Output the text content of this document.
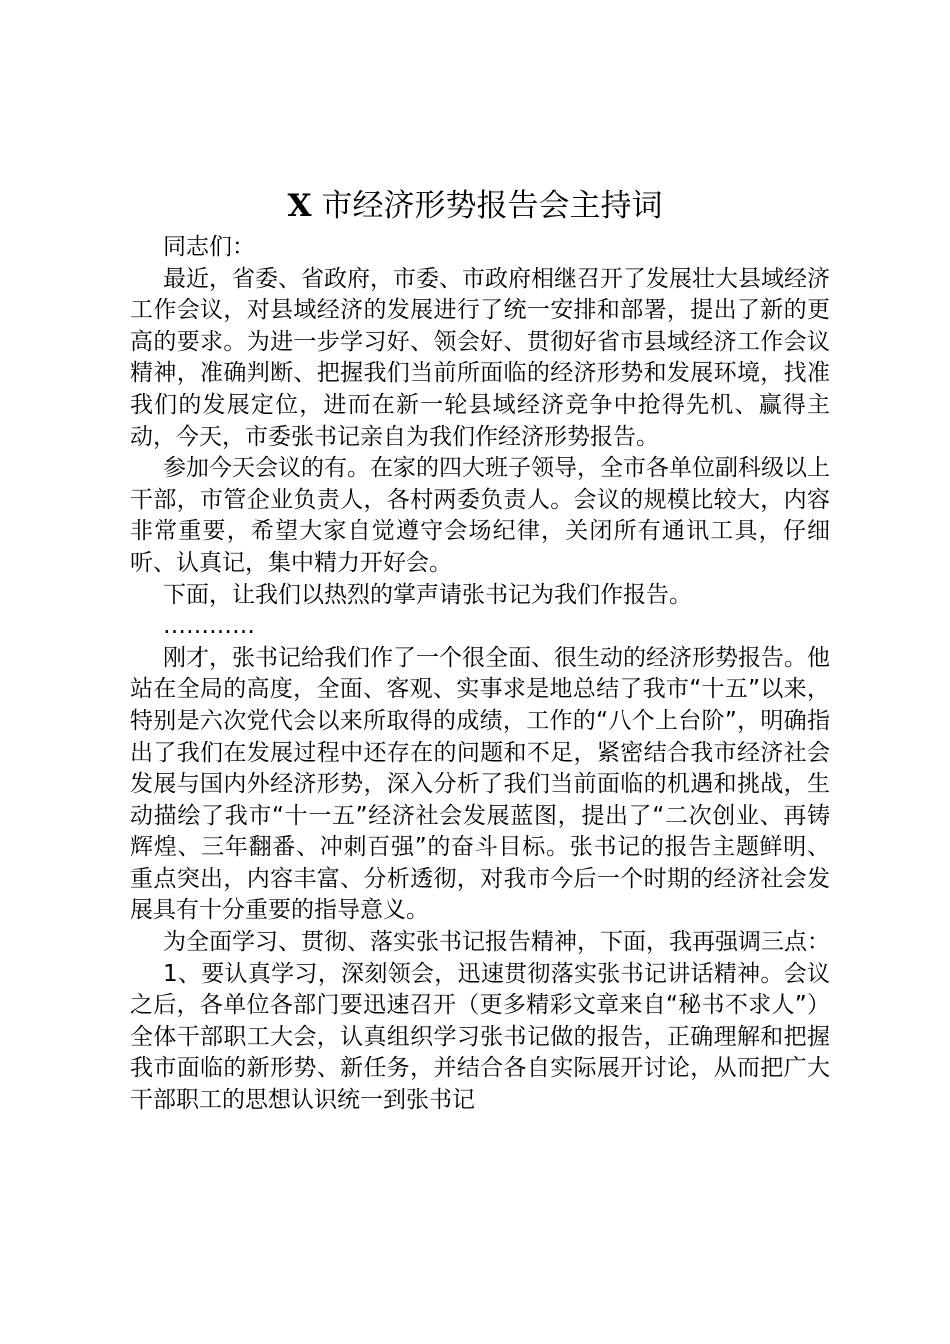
X 市经济形势报告会主持词

同志们：

最近，省委、省政府，市委、市政府相继召开了发展壮大县域经济工作会议，对县域经济的发展进行了统一安排和部署，提出了新的更高的要求。为进一步学习好、领会好、贯彻好省市县域经济工作会议精神，准确判断、把握我们当前所面临的经济形势和发展环境，找准我们的发展定位，进而在新一轮县域经济竞争中抢得先机、赢得主动，今天，市委张书记亲自为我们作经济形势报告。

参加今天会议的有。在家的四大班子领导，全市各单位副科级以上干部，市管企业负责人，各村两委负责人。会议的规模比较大，内容非常重要，希望大家自觉遵守会场纪律，关闭所有通讯工具，仔细听、认真记，集中精力开好会。

下面，让我们以热烈的掌声请张书记为我们作报告。

…………

刚才，张书记给我们作了一个很全面、很生动的经济形势报告。他站在全局的高度，全面、客观、实事求是地总结了我市“十五”以来，特别是六次党代会以来所取得的成绩，工作的“八个上台阶”，明确指出了我们在发展过程中还存在的问题和不足，紧密结合我市经济社会发展与国内外经济形势，深入分析了我们当前面临的机遇和挑战，生动描绘了我市“十一五”经济社会发展蓝图，提出了“二次创业、再铸辉煌、三年翻番、冲刺百强”的奋斗目标。张书记的报告主题鲜明、重点突出，内容丰富、分析透彻，对我市今后一个时期的经济社会发展具有十分重要的指导意义。

为全面学习、贯彻、落实张书记报告精神，下面，我再强调三点：

1、要认真学习，深刻领会，迅速贯彻落实张书记讲话精神。会议之后，各单位各部门要迅速召开（更多精彩文章来自“秘书不求人”）全体干部职工大会，认真组织学习张书记做的报告，正确理解和把握我市面临的新形势、新任务，并结合各自实际展开讨论，从而把广大干部职工的思想认识统一到张书记
